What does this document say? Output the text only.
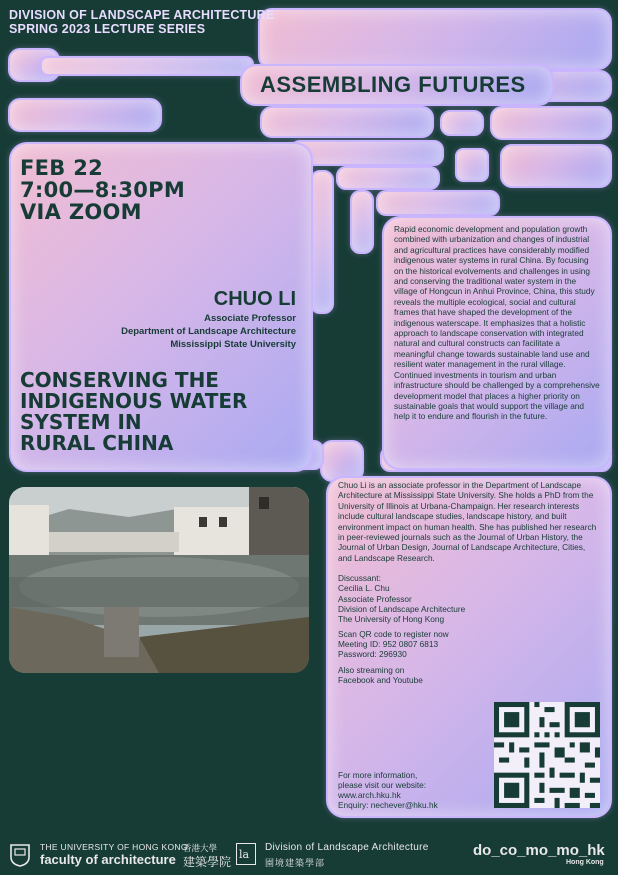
DIVISION OF LANDSCAPE ARCHITECTURE
SPRING 2023 LECTURE SERIES
ASSEMBLING FUTURES
FEB 22
7:00—8:30PM
VIA ZOOM
CHUO LI
Associate Professor
Department of Landscape Architecture
Mississippi State University
CONSERVING THE
INDIGENOUS WATER
SYSTEM IN
RURAL CHINA
Rapid economic development and population growth combined with urbanization and changes of industrial and agricultural practices have considerably modified indigenous water systems in rural China. By focusing on the historical evolvements and challenges in using and conserving the traditional water system in the village of Hongcun in Anhui Province, China, this study reveals the multiple ecological, social and cultural frames that have shaped the development of the indigenous waterscape. It emphasizes that a holistic approach to landscape conservation with integrated natural and cultural constructs can facilitate a meaningful change towards sustainable land use and resilient water management in the rural village. Continued investments in tourism and urban infrastructure should be challenged by a comprehensive development model that places a higher priority on sustainable goals that would support the village and help it to endure and flourish in the future.
Chuo Li is an associate professor in the Department of Landscape Architecture at Mississippi State University. She holds a PhD from the University of Illinois at Urbana-Champaign. Her research interests include cultural landscape studies, landscape history, and built environment impact on human health. She has published her research in peer-reviewed journals such as the Journal of Urban History, the Journal of Urban Design, Journal of Landscape Architecture, Cities, and Landscape Research.
Discussant:
Cecilia L. Chu
Associate Professor
Division of Landscape Architecture
The University of Hong Kong
Scan QR code to register now
Meeting ID: 952 0807 6813
Password: 296930
Also streaming on
Facebook and Youtube
For more information,
please visit our website:
www.arch.hku.hk
Enquiry: nechever@hku.hk
THE UNIVERSITY OF HONG KONG
香港大學
faculty of architecture 建築學院
la
Division of Landscape Architecture
園境建築學部
do_co_mo_mo_hk
Hong Kong
